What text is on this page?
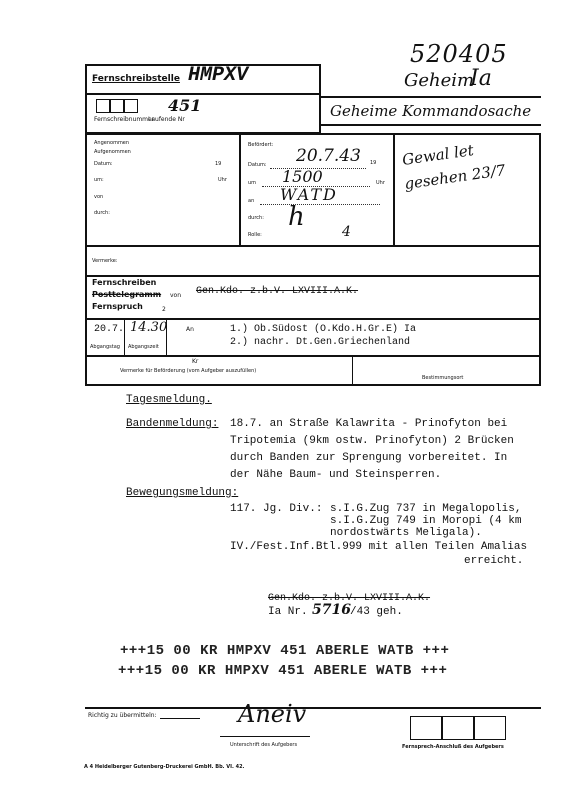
520405
Geheim
Ia
Fernschreibstelle HMPXV
451
Fernschreibnummer
Laufende Nr	Geheime Kommandosache
Angenommen
Aufgenommen
Datum:	19
um:	Uhr
von
durch:
Befördert:
Datum: 20.7.43 19
um 1500	Uhr
an WATD
durch: h
Rolle:	4
Gewal let
gesehen 23/7
Vermerke:
Fernschreiben
Posttelegramm
Fernspruch
von Gen.Kdo. z.b.V. LXVIII.A.K.
2
20.7. 14.30
Abgangstag Abgangszeit
An	1.) Ob.Südost (O.Kdo.H.Gr.E) Ia
2.) nachr. Dt.Gen.Griechenland
Kr
Vermerke für Beförderung (vom Aufgeber auszufüllen)
Bestimmungsort
Tagesmeldung.
Bandenmeldung: 18.7. an Straße Kalawrita - Prinofyton bei
Tripotemia (9km ostw. Prinofyton) 2 Brücken
durch Banden zur Sprengung vorbereitet. In
der Nähe Baum- und Steinsperren.
Bewegungsmeldung:
117. Jg. Div.: s.I.G.Zug 737 in Megalopolis,
s.I.G.Zug 749 in Moropi (4 km
nordostwärts Meligala).
IV./Fest.Inf.Btl.999 mit allen Teilen Amalias
erreicht.
Gen.Kdo. z.b.V. LXVIII.A.K.
Ia Nr. 5716 /43 geh.
+++15 00 KR HMPXV 451 ABERLE WATB +++
+++15 00 KR HMPXV 451 ABERLE WATB +++
Richtig zu übermitteln:	Aneiv
Unterschrift des Aufgebers	Fernsprech-Anschluß des Aufgebers
A 4 Heidelberger Gutenberg-Druckerei GmbH. Bb. VI. 42.
